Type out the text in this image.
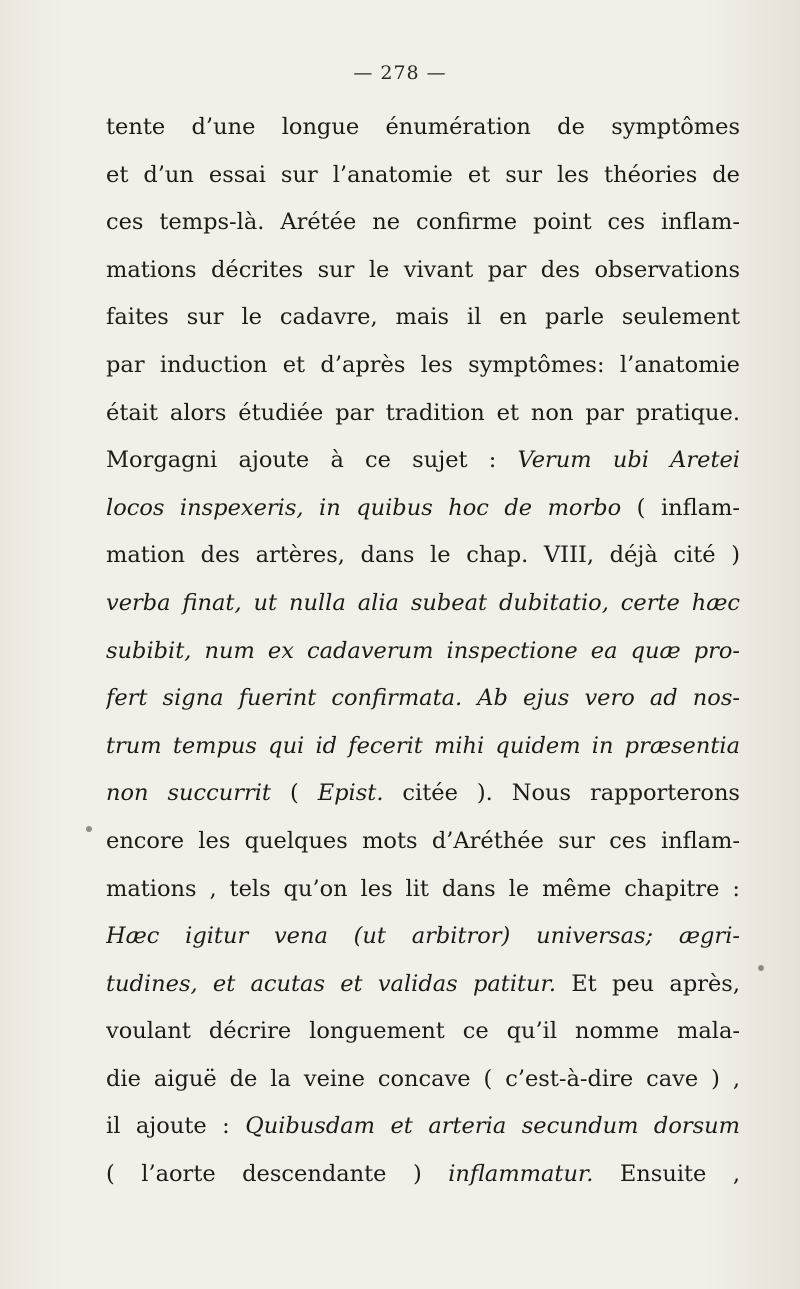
— 278 —
tente d’une longue énumération de symptômes
et d’un essai sur l’anatomie et sur les théories de
ces temps-là. Arétée ne confirme point ces inflam-
mations décrites sur le vivant par des observations
faites sur le cadavre, mais il en parle seulement
par induction et d’après les symptômes: l’anatomie
était alors étudiée par tradition et non par pratique.
Morgagni ajoute à ce sujet : Verum ubi Aretei
locos inspexeris, in quibus hoc de morbo ( inflam-
mation des artères, dans le chap. VIII, déjà cité )
verba finat, ut nulla alia subeat dubitatio, certe hæc
subibit, num ex cadaverum inspectione ea quæ pro-
fert signa fuerint confirmata. Ab ejus vero ad nos-
trum tempus qui id fecerit mihi quidem in præsentia
non succurrit ( Epist. citée ). Nous rapporterons
encore les quelques mots d’Aréthée sur ces inflam-
mations , tels qu’on les lit dans le même chapitre :
Hæc igitur vena (ut arbitror) universas; ægri-
tudines, et acutas et validas patitur. Et peu après,
voulant décrire longuement ce qu’il nomme mala-
die aiguë de la veine concave ( c’est-à-dire cave ) ,
il ajoute : Quibusdam et arteria secundum dorsum
( l’aorte descendante ) inflammatur. Ensuite ,
